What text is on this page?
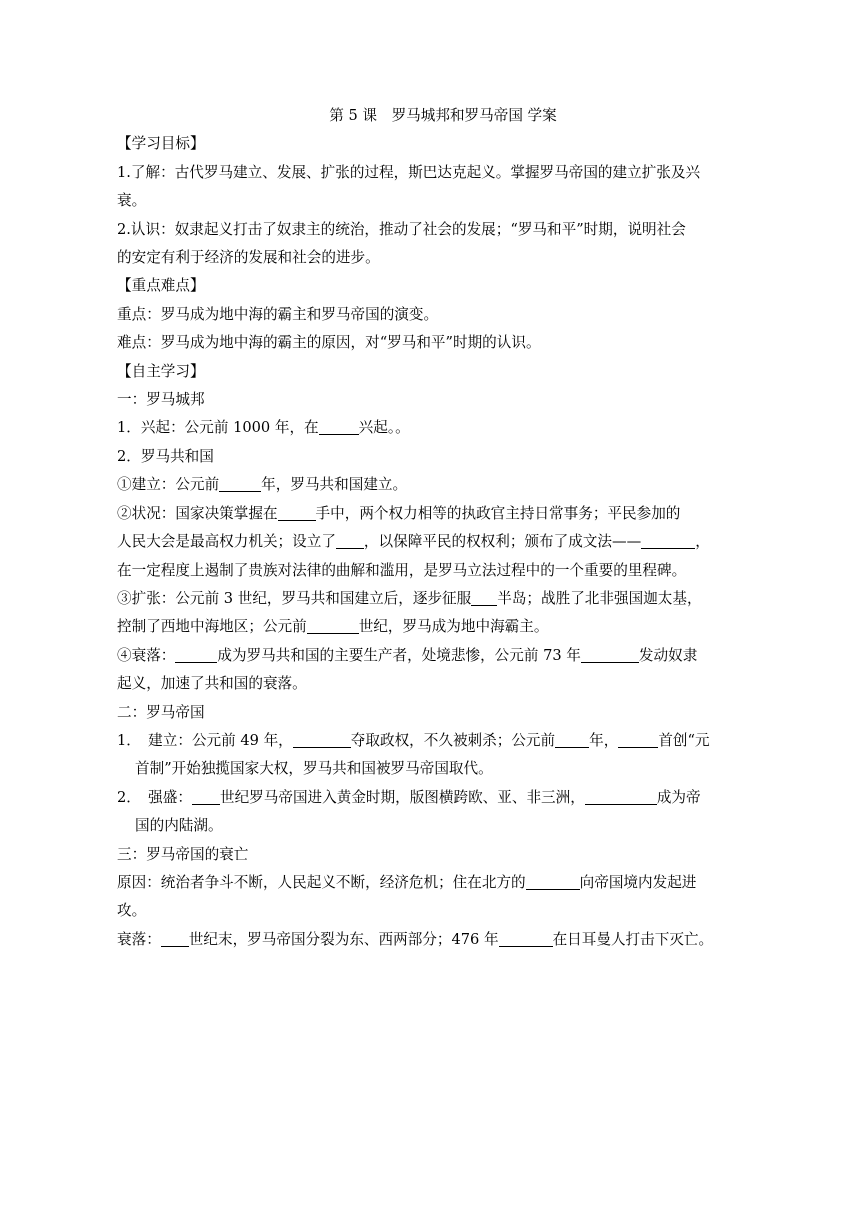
第 5 课　罗马城邦和罗马帝国 学案
【学习目标】
1.了解：古代罗马建立、发展、扩张的过程，斯巴达克起义。掌握罗马帝国的建立扩张及兴
衰。
2.认识：奴隶起义打击了奴隶主的统治，推动了社会的发展；“罗马和平”时期，说明社会
的安定有利于经济的发展和社会的进步。
【重点难点】
重点：罗马成为地中海的霸主和罗马帝国的演变。
难点：罗马成为地中海的霸主的原因，对“罗马和平”时期的认识。
【自主学习】
一：罗马城邦
1．兴起：公元前 1000 年，在	兴起。。
2．罗马共和国
①建立：公元前	年，罗马共和国建立。
②状况：国家决策掌握在	手中，两个权力相等的执政官主持日常事务；平民参加的
人民大会是最高权力机关；设立了 ，以保障平民的权权利；颁布了成文法——	，
在一定程度上遏制了贵族对法律的曲解和滥用，是罗马立法过程中的一个重要的里程碑。
③扩张：公元前 3 世纪，罗马共和国建立后，逐步征服 半岛；战胜了北非强国迦太基，
控制了西地中海地区；公元前	世纪，罗马成为地中海霸主。
④衰落：	成为罗马共和国的主要生产者，处境悲惨，公元前 73 年	发动奴隶
起义，加速了共和国的衰落。
二：罗马帝国
1．　建立：公元前 49 年，	夺取政权，不久被刺杀；公元前 年，	首创“元
首制”开始独揽国家大权，罗马共和国被罗马帝国取代。
2．　强盛： 世纪罗马帝国进入黄金时期，版图横跨欧、亚、非三洲，	成为帝
国的内陆湖。
三：罗马帝国的衰亡
原因：统治者争斗不断，人民起义不断，经济危机；住在北方的	向帝国境内发起进
攻。
衰落： 世纪末，罗马帝国分裂为东、西两部分；476 年	在日耳曼人打击下灭亡。
